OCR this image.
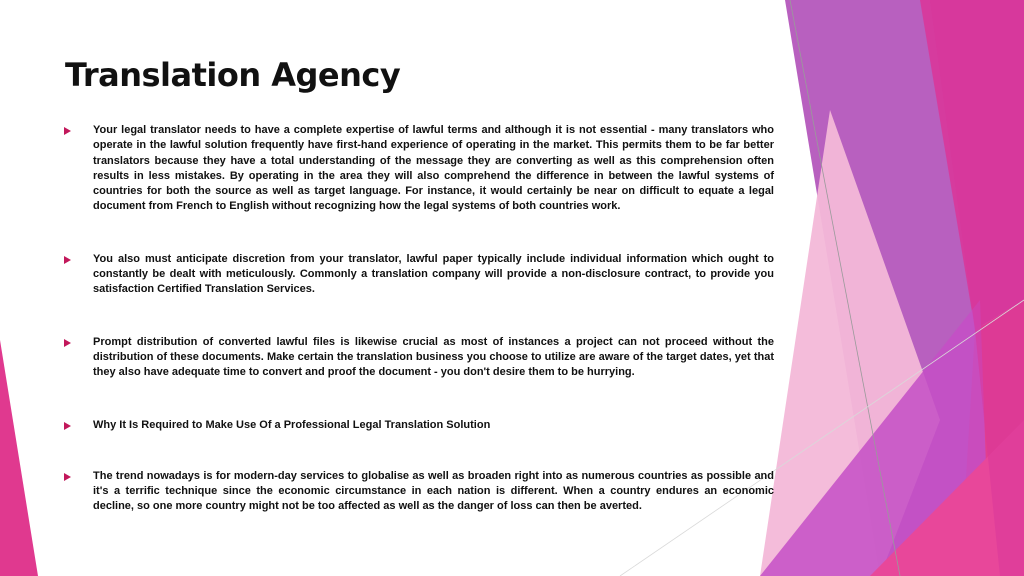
Translation Agency
Your legal translator needs to have a complete expertise of lawful terms and although it is not essential - many translators who operate in the lawful solution frequently have first-hand experience of operating in the market. This permits them to be far better translators because they have a total understanding of the message they are converting as well as this comprehension often results in less mistakes. By operating in the area they will also comprehend the difference in between the lawful systems of countries for both the source as well as target language. For instance, it would certainly be near on difficult to equate a legal document from French to English without recognizing how the legal systems of both countries work.
You also must anticipate discretion from your translator, lawful paper typically include individual information which ought to constantly be dealt with meticulously. Commonly a translation company will provide a non-disclosure contract, to provide you satisfaction Certified Translation Services.
Prompt distribution of converted lawful files is likewise crucial as most of instances a project can not proceed without the distribution of these documents. Make certain the translation business you choose to utilize are aware of the target dates, yet that they also have adequate time to convert and proof the document - you don't desire them to be hurrying.
Why It Is Required to Make Use Of a Professional Legal Translation Solution
The trend nowadays is for modern-day services to globalise as well as broaden right into as numerous countries as possible and it's a terrific technique since the economic circumstance in each nation is different. When a country endures an economic decline, so one more country might not be too affected as well as the danger of loss can then be averted.
